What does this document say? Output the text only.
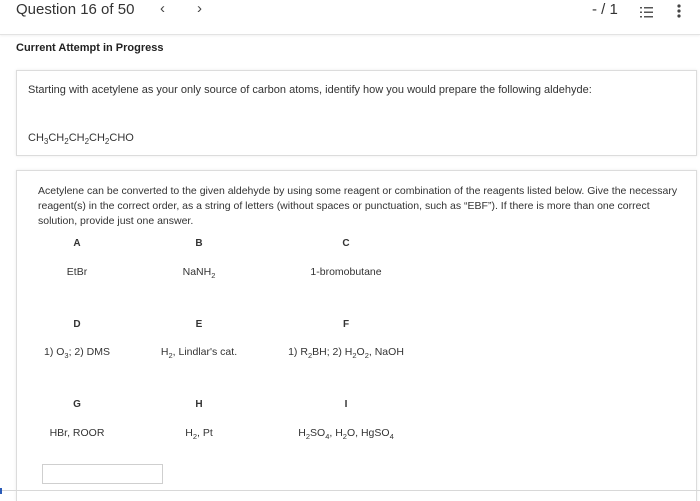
Question 16 of 50 ‹ ›	- / 1
Current Attempt in Progress
Starting with acetylene as your only source of carbon atoms, identify how you would prepare the following aldehyde:
$CH_3CH_2CH_2CH_2CHO$
Acetylene can be converted to the given aldehyde by using some reagent or combination of the reagents listed below. Give the necessary reagent(s) in the correct order, as a string of letters (without spaces or punctuation, such as “EBF”). If there is more than one correct solution, provide just one answer.
A
EtBr
B
NaNH$_2$
C
1-bromobutane
D
1) $O_3$; 2) DMS
E
$H_2$, Lindlar's cat.
F
1) $R_2BH$; 2) $H_2O_2$, NaOH
G
HBr, ROOR
H
$H_2$, Pt
I
$H_2SO_4$, $H_2O$, HgSO$_4$
